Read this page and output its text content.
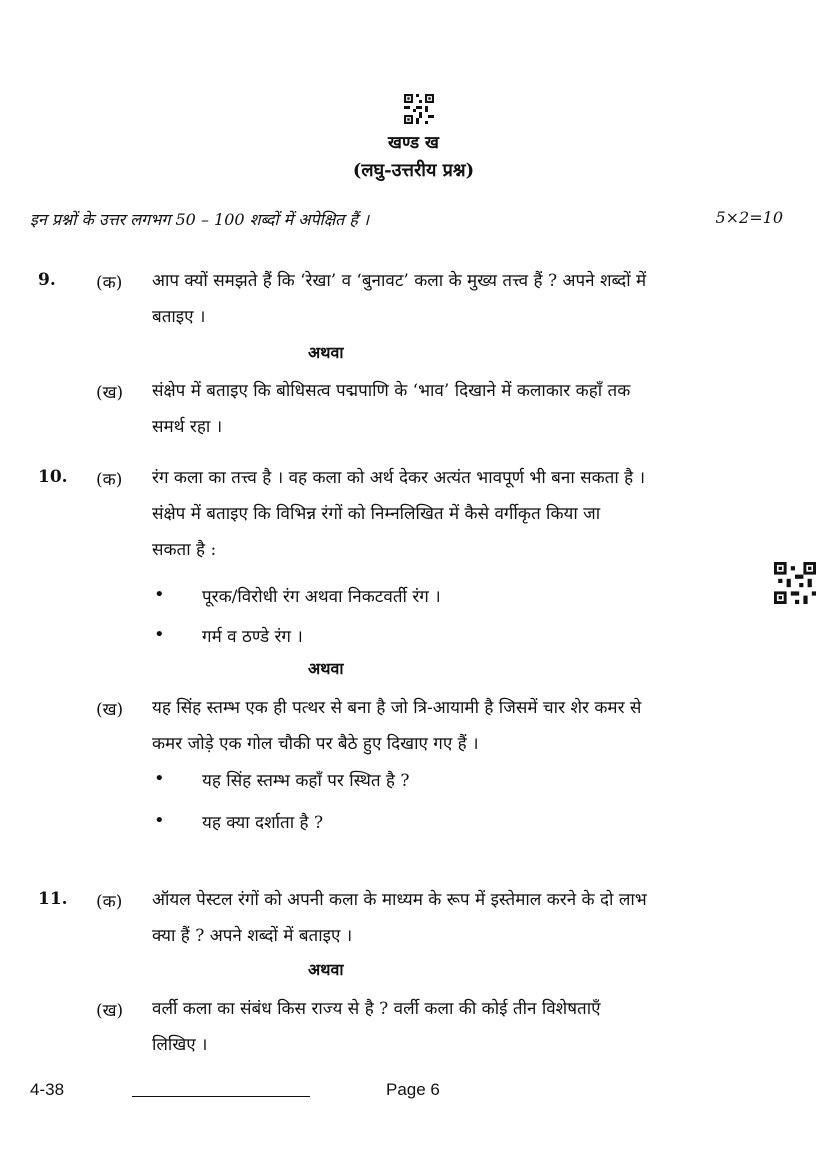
खण्ड ख
(लघु-उत्तरीय प्रश्न)
इन प्रश्नों के उत्तर लगभग 50 – 100 शब्दों में अपेक्षित हैं ।	5×2=10
9. (क) आप क्यों समझते हैं कि ‘रेखा’ व ‘बुनावट’ कला के मुख्य तत्त्व हैं ? अपने शब्दों में
बताइए ।
अथवा
(ख) संक्षेप में बताइए कि बोधिसत्व पद्मपाणि के ‘भाव’ दिखाने में कलाकार कहाँ तक
समर्थ रहा ।
10. (क) रंग कला का तत्त्व है । वह कला को अर्थ देकर अत्यंत भावपूर्ण भी बना सकता है ।
संक्षेप में बताइए कि विभिन्न रंगों को निम्नलिखित में कैसे वर्गीकृत किया जा
सकता है :
• पूरक/विरोधी रंग अथवा निकटवर्ती रंग ।
• गर्म व ठण्डे रंग ।
अथवा
(ख) यह सिंह स्तम्भ एक ही पत्थर से बना है जो त्रि-आयामी है जिसमें चार शेर कमर से
कमर जोड़े एक गोल चौकी पर बैठे हुए दिखाए गए हैं ।
• यह सिंह स्तम्भ कहाँ पर स्थित है ?
• यह क्या दर्शाता है ?
11. (क) ऑयल पेस्टल रंगों को अपनी कला के माध्यम के रूप में इस्तेमाल करने के दो लाभ
क्या हैं ? अपने शब्दों में बताइए ।
अथवा
(ख) वर्ली कला का संबंध किस राज्य से है ? वर्ली कला की कोई तीन विशेषताएँ
लिखिए ।
4-38	Page 6
